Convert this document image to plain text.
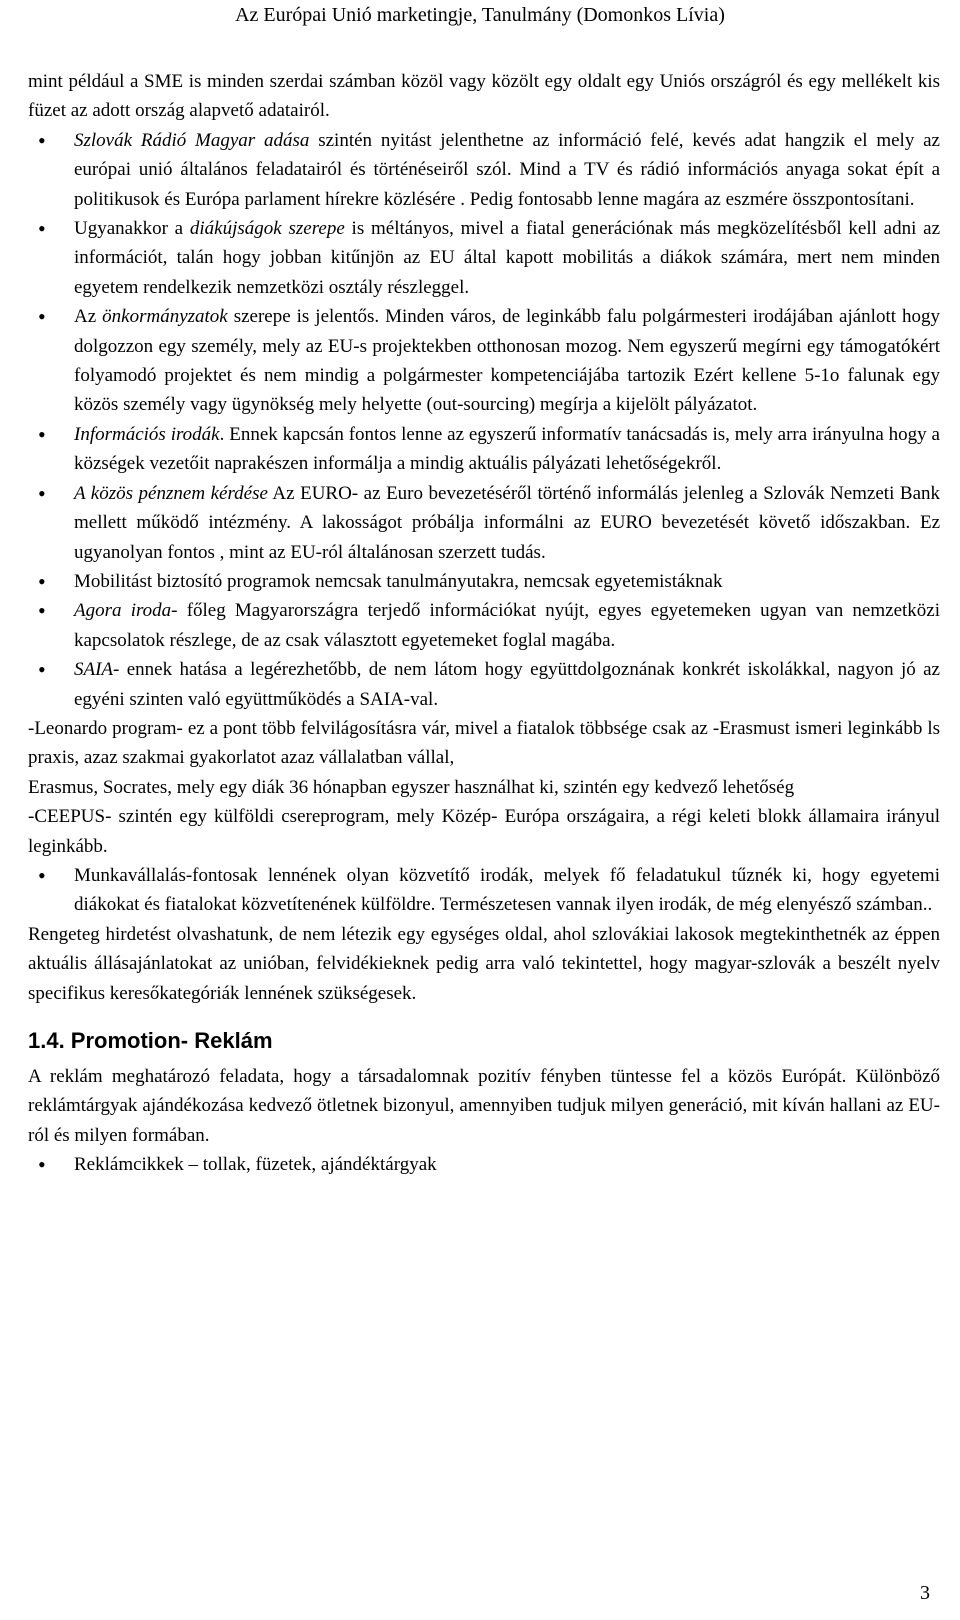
Az Európai Unió marketingje, Tanulmány (Domonkos Lívia)
mint például a SME is minden szerdai számban közöl vagy közölt egy oldalt egy Uniós országról és egy mellékelt kis füzet az adott ország alapvető adatairól.
• Szlovák Rádió Magyar adása szintén nyitást jelenthetne az információ felé, kevés adat hangzik el mely az európai unió általános feladatairól és történéseiről szól. Mind a TV és rádió információs anyaga sokat épít a politikusok és Európa parlament hírekre közlésére . Pedig fontosabb lenne magára az eszmére összpontosítani.
• Ugyanakkor a diákújságok szerepe is méltányos, mivel a fiatal generációnak más megközelítésből kell adni az információt, talán hogy jobban kitűnjön az EU által kapott mobilitás a diákok számára, mert nem minden egyetem rendelkezik nemzetközi osztály részleggel.
• Az önkormányzatok szerepe is jelentős. Minden város, de leginkább falu polgármesteri irodájában ajánlott hogy dolgozzon egy személy, mely az EU-s projektekben otthonosan mozog. Nem egyszerű megírni egy támogatókért folyamodó projektet és nem mindig a polgármester kompetenciájába tartozik Ezért kellene 5-1o falunak egy közös személy vagy ügynökség mely helyette (out-sourcing) megírja a kijelölt pályázatot.
• Információs irodák. Ennek kapcsán fontos lenne az egyszerű informatív tanácsadás is, mely arra irányulna hogy a községek vezetőit naprakészen informálja a mindig aktuális pályázati lehetőségekről.
• A közös pénznem kérdése Az EURO- az Euro bevezetéséről történő informálás jelenleg a Szlovák Nemzeti Bank mellett működő intézmény. A lakosságot próbálja informálni az EURO bevezetését követő időszakban. Ez ugyanolyan fontos , mint az EU-ról általánosan szerzett tudás.
• Mobilitást biztosító programok nemcsak tanulmányutakra, nemcsak egyetemistáknak
• Agora iroda- főleg Magyarországra terjedő információkat nyújt, egyes egyetemeken ugyan van nemzetközi kapcsolatok részlege, de az csak választott egyetemeket foglal magába.
• SAIA- ennek hatása a legérezhetőbb, de nem látom hogy együttdolgoznának konkrét iskolákkal, nagyon jó az egyéni szinten való együttműködés a SAIA-val.
-Leonardo program- ez a pont több felvilágosításra vár, mivel a fiatalok többsége csak az -Erasmust ismeri leginkább ls praxis, azaz szakmai gyakorlatot azaz vállalatban vállal,
Erasmus, Socrates, mely egy diák 36 hónapban egyszer használhat ki, szintén egy kedvező lehetőség
-CEEPUS- szintén egy külföldi csereprogram, mely Közép- Európa országaira, a régi keleti blokk államaira irányul leginkább.
• Munkavállalás-fontosak lennének olyan közvetítő irodák, melyek fő feladatukul tűznék ki, hogy egyetemi diákokat és fiatalokat közvetítenének külföldre. Természetesen vannak ilyen irodák, de még elenyésző számban..
Rengeteg hirdetést olvashatunk, de nem létezik egy egységes oldal, ahol szlovákiai lakosok megtekinthetnék az éppen aktuális állásajánlatokat az unióban, felvidékieknek pedig arra való tekintettel, hogy magyar-szlovák a beszélt nyelv specifikus keresőkategóriák lennének szükségesek.
1.4. Promotion- Reklám
A reklám meghatározó feladata, hogy a társadalomnak pozitív fényben tüntesse fel a közös Európát. Különböző reklámtárgyak ajándékozása kedvező ötletnek bizonyul, amennyiben tudjuk milyen generáció, mit kíván hallani az EU-ról és milyen formában.
• Reklámcikkek – tollak, füzetek, ajándéktárgyak
3
